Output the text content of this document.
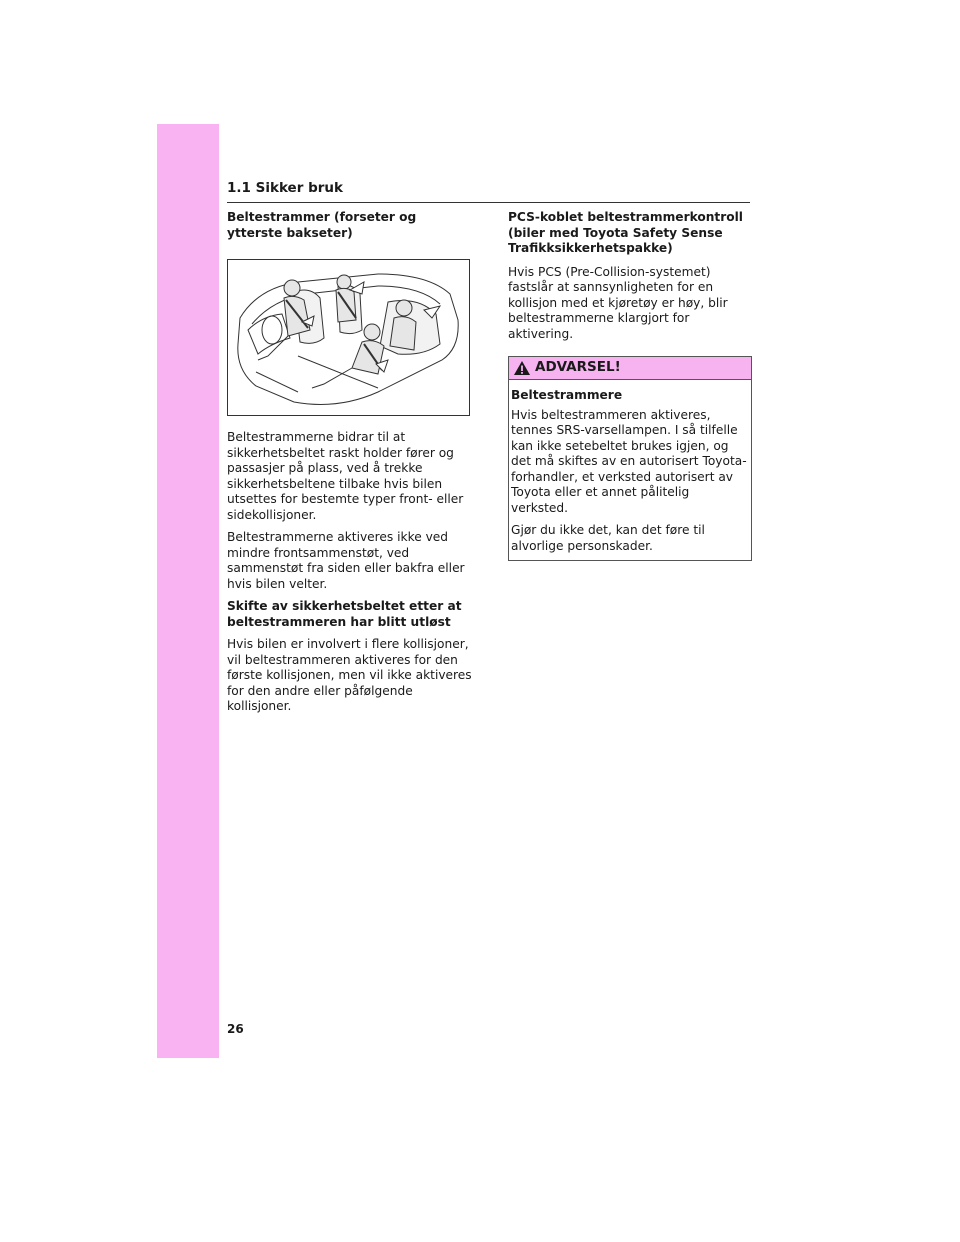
1.1 Sikker bruk

Beltestrammer (forseter og ytterste bakseter)

Beltestrammerne bidrar til at sikkerhetsbeltet raskt holder fører og passasjer på plass, ved å trekke sikkerhetsbeltene tilbake hvis bilen utsettes for bestemte typer front- eller sidekollisjoner.

Beltestrammerne aktiveres ikke ved mindre frontsammenstøt, ved sammenstøt fra siden eller bakfra eller hvis bilen velter.

Skifte av sikkerhetsbeltet etter at beltestrammeren har blitt utløst

Hvis bilen er involvert i flere kollisjoner, vil beltestrammeren aktiveres for den første kollisjonen, men vil ikke aktiveres for den andre eller påfølgende kollisjoner.

PCS-koblet beltestrammerkontroll (biler med Toyota Safety Sense Trafikksikkerhetspakke)

Hvis PCS (Pre-Collision-systemet) fastslår at sannsynligheten for en kollisjon med et kjøretøy er høy, blir beltestrammerne klargjort for aktivering.

ADVARSEL!

Beltestrammere

Hvis beltestrammeren aktiveres, tennes SRS-varsellampen. I så tilfelle kan ikke setebeltet brukes igjen, og det må skiftes av en autorisert Toyota-forhandler, et verksted autorisert av Toyota eller et annet pålitelig verksted.

Gjør du ikke det, kan det føre til alvorlige personskader.

26
